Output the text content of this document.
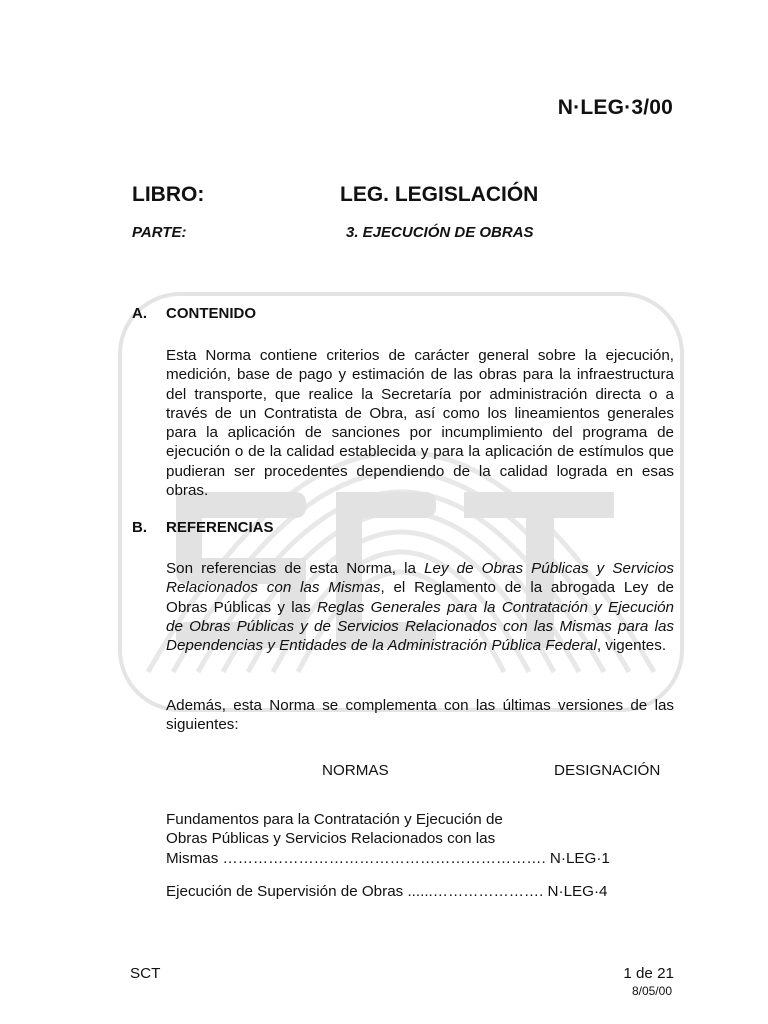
N·LEG·3/00
LIBRO:	LEG. LEGISLACIÓN
PARTE:	3. EJECUCIÓN DE OBRAS
A. CONTENIDO

Esta Norma contiene criterios de carácter general sobre la ejecución, medición, base de pago y estimación de las obras para la infraestructura del transporte, que realice la Secretaría por administración directa o a través de un Contratista de Obra, así como los lineamientos generales para la aplicación de sanciones por incumplimiento del programa de ejecución o de la calidad establecida y para la aplicación de estímulos que pudieran ser procedentes dependiendo de la calidad lograda en esas obras.

B. REFERENCIAS

Son referencias de esta Norma, la Ley de Obras Públicas y Servicios Relacionados con las Mismas, el Reglamento de la abrogada Ley de Obras Públicas y las Reglas Generales para la Contratación y Ejecución de Obras Públicas y de Servicios Relacionados con las Mismas para las Dependencias y Entidades de la Administración Pública Federal, vigentes.

Además, esta Norma se complementa con las últimas versiones de las siguientes:

NORMAS	DESIGNACIÓN
Fundamentos para la Contratación y Ejecución de
Obras Públicas y Servicios Relacionados con las
Mismas ………………………………………………………. N·LEG·1
Ejecución de Supervisión de Obras ......…………………. N·LEG·4
SCT	1 de 21
8/05/00
